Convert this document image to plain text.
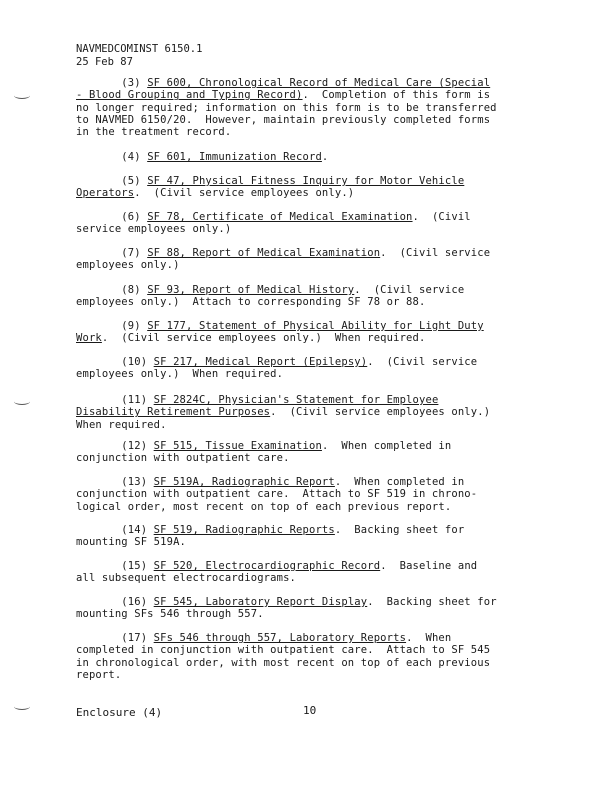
NAVMEDCOMINST 6150.1
25 Feb 87
(3) SF 600, Chronological Record of Medical Care (Special
- Blood Grouping and Typing Record).  Completion of this form is
no longer required; information on this form is to be transferred
to NAVMED 6150/20.  However, maintain previously completed forms
in the treatment record.
(4) SF 601, Immunization Record.
(5) SF 47, Physical Fitness Inquiry for Motor Vehicle
Operators.  (Civil service employees only.)
(6) SF 78, Certificate of Medical Examination.  (Civil
service employees only.)
(7) SF 88, Report of Medical Examination.  (Civil service
employees only.)
(8) SF 93, Report of Medical History.  (Civil service
employees only.)  Attach to corresponding SF 78 or 88.
(9) SF 177, Statement of Physical Ability for Light Duty
Work.  (Civil service employees only.)  When required.
(10) SF 217, Medical Report (Epilepsy).  (Civil service
employees only.)  When required.
(11) SF 2824C, Physician's Statement for Employee
Disability Retirement Purposes.  (Civil service employees only.)
When required.
(12) SF 515, Tissue Examination.  When completed in
conjunction with outpatient care.
(13) SF 519A, Radiographic Report.  When completed in
conjunction with outpatient care.  Attach to SF 519 in chrono-
logical order, most recent on top of each previous report.
(14) SF 519, Radiographic Reports.  Backing sheet for
mounting SF 519A.
(15) SF 520, Electrocardiographic Record.  Baseline and
all subsequent electrocardiograms.
(16) SF 545, Laboratory Report Display.  Backing sheet for
mounting SFs 546 through 557.
(17) SFs 546 through 557, Laboratory Reports.  When
completed in conjunction with outpatient care.  Attach to SF 545
in chronological order, with most recent on top of each previous
report.
Enclosure (4)	10
